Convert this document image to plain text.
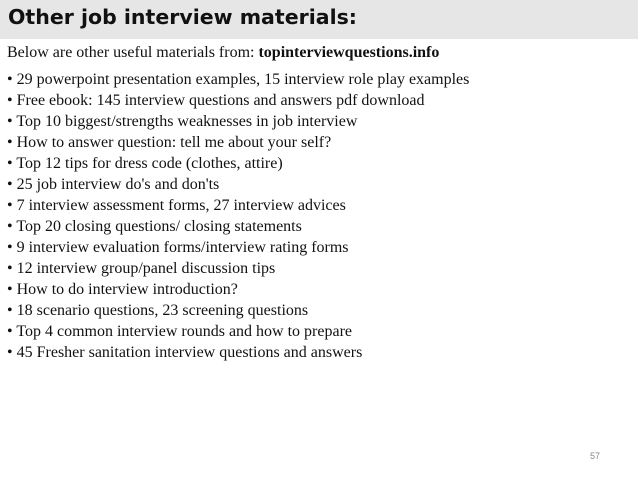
Other job interview materials:
Below are other useful materials from: topinterviewquestions.info
• 29 powerpoint presentation examples, 15 interview role play examples
• Free ebook: 145 interview questions and answers pdf download
• Top 10 biggest/strengths weaknesses in job interview
• How to answer question: tell me about your self?
• Top 12 tips for dress code (clothes, attire)
• 25 job interview do's and don'ts
• 7 interview assessment forms, 27 interview advices
• Top 20 closing questions/ closing statements
• 9 interview evaluation forms/interview rating forms
• 12 interview group/panel discussion tips
• How to do interview introduction?
• 18 scenario questions, 23 screening questions
• Top 4 common interview rounds and how to prepare
• 45 Fresher sanitation interview questions and answers
57
